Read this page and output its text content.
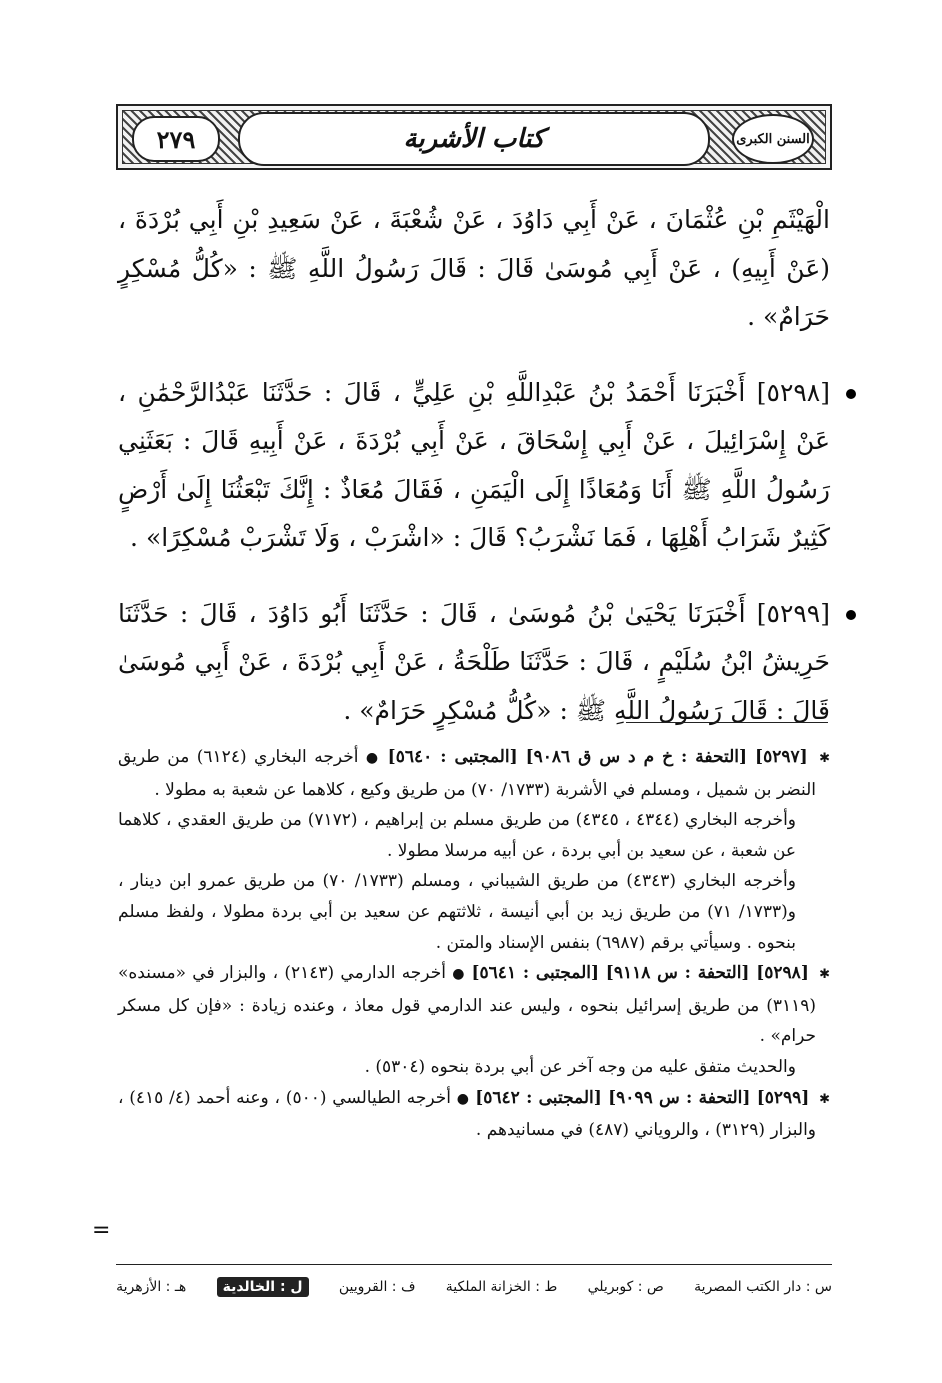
السنن الكبرى
كتاب الأشربة
٢٧٩

الْهَيْثَمِ بْنِ عُثْمَانَ ، عَنْ أَبِي دَاوُدَ ، عَنْ شُعْبَةَ ، عَنْ سَعِيدِ بْنِ أَبِي بُرْدَةَ ، (عَنْ أَبِيهِ) ، عَنْ أَبِي مُوسَىٰ قَالَ : قَالَ رَسُولُ اللَّهِ ﷺ : «كُلُّ مُسْكِرٍ حَرَامٌ» .

[٥٢٩٨] أَخْبَرَنَا أَحْمَدُ بْنُ عَبْدِاللَّهِ بْنِ عَلِيٍّ ، قَالَ : حَدَّثَنَا عَبْدُالرَّحْمَٰنِ ، عَنْ إِسْرَائِيلَ ، عَنْ أَبِي إِسْحَاقَ ، عَنْ أَبِي بُرْدَةَ ، عَنْ أَبِيهِ قَالَ : بَعَثَنِي رَسُولُ اللَّهِ ﷺ أَنَا وَمُعَاذًا إِلَى الْيَمَنِ ، فَقَالَ مُعَاذٌ : إِنَّكَ تَبْعَثُنَا إِلَىٰ أَرْضٍ كَثِيرٌ شَرَابُ أَهْلِهَا ، فَمَا نَشْرَبُ؟ قَالَ : «اشْرَبْ ، وَلَا تَشْرَبْ مُسْكِرًا» .

[٥٢٩٩] أَخْبَرَنَا يَحْيَىٰ بْنُ مُوسَىٰ ، قَالَ : حَدَّثَنَا أَبُو دَاوُدَ ، قَالَ : حَدَّثَنَا حَرِيشُ ابْنُ سُلَيْمٍ ، قَالَ : حَدَّثَنَا طَلْحَةُ ، عَنْ أَبِي بُرْدَةَ ، عَنْ أَبِي مُوسَىٰ قَالَ : قَالَ رَسُولُ اللَّهِ ﷺ : «كُلُّ مُسْكِرٍ حَرَامٌ» .

✱ [٥٢٩٧] [التحفة : خ م د س ق ٩٠٨٦] [المجتبى : ٥٦٤٠] ● أخرجه البخاري (٦١٢٤) من طريق النضر بن شميل ، ومسلم في الأشربة (١٧٣٣/ ٧٠) من طريق وكيع ، كلاهما عن شعبة به مطولا .

وأخرجه البخاري (٤٣٤٤ ، ٤٣٤٥) من طريق مسلم بن إبراهيم ، (٧١٧٢) من طريق العقدي ، كلاهما عن شعبة ، عن سعيد بن أبي بردة ، عن أبيه مرسلا مطولا .

وأخرجه البخاري (٤٣٤٣) من طريق الشيباني ، ومسلم (١٧٣٣/ ٧٠) من طريق عمرو ابن دينار ، و(١٧٣٣/ ٧١) من طريق زيد بن أبي أنيسة ، ثلاثتهم عن سعيد بن أبي بردة مطولا ، ولفظ مسلم بنحوه . وسيأتي برقم (٦٩٨٧) بنفس الإسناد والمتن .

✱ [٥٢٩٨] [التحفة : س ٩١١٨] [المجتبى : ٥٦٤١] ● أخرجه الدارمي (٢١٤٣) ، والبزار في «مسنده» (٣١١٩) من طريق إسرائيل بنحوه ، وليس عند الدارمي قول معاذ ، وعنده زيادة : «فإن كل مسكر حرام» .

والحديث متفق عليه من وجه آخر عن أبي بردة بنحوه (٥٣٠٤) .

✱ [٥٢٩٩] [التحفة : س ٩٠٩٩] [المجتبى : ٥٦٤٢] ● أخرجه الطيالسي (٥٠٠) ، وعنه أحمد (٤/ ٤١٥) ، والبزار (٣١٢٩) ، والروياني (٤٨٧) في مسانيدهم .

=
س : دار الكتب المصرية
ص : كوبريلي
ط : الخزانة الملكية
ف : القرويين
ل : الخالدية
هـ : الأزهرية
